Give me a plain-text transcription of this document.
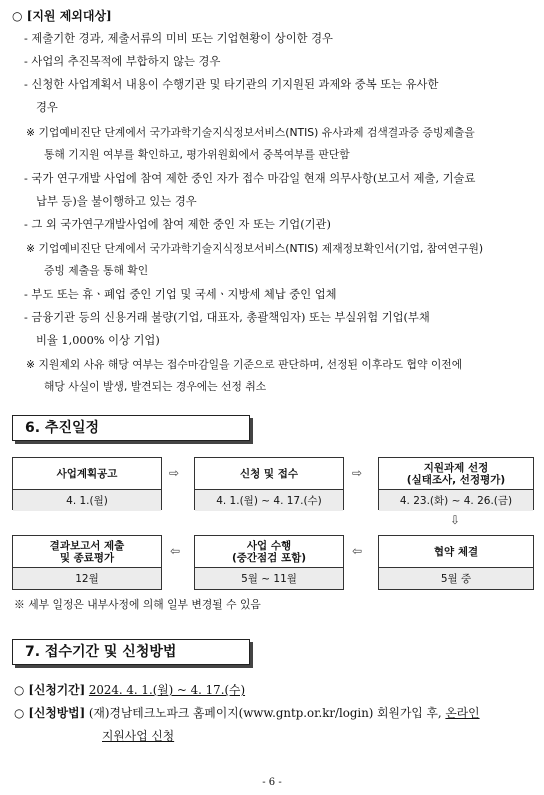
○ [지원 제외대상]
- 제출기한 경과, 제출서류의 미비 또는 기업현황이 상이한 경우
- 사업의 추진목적에 부합하지 않는 경우
- 신청한 사업계획서 내용이 수행기관 및 타기관의 기지원된 과제와 중복 또는 유사한
경우
※ 기업예비진단 단계에서 국가과학기술지식정보서비스(NTIS) 유사과제 검색결과증 증빙제출을
통해 기지원 여부를 확인하고, 평가위원회에서 중복여부를 판단함
- 국가 연구개발 사업에 참여 제한 중인 자가 접수 마감일 현재 의무사항(보고서 제출, 기술료
납부 등)을 불이행하고 있는 경우
- 그 외 국가연구개발사업에 참여 제한 중인 자 또는 기업(기관)
※ 기업예비진단 단계에서 국가과학기술지식정보서비스(NTIS) 제재정보확인서(기업, 참여연구원)
증빙 제출을 통해 확인
- 부도 또는 휴ㆍ폐업 중인 기업 및 국세ㆍ지방세 체납 중인 업체
- 금융기관 등의 신용거래 불량(기업, 대표자, 총괄책임자) 또는 부실위험 기업(부채
비율 1,000% 이상 기업)
※ 지원제외 사유 해당 여부는 접수마감일을 기준으로 판단하며, 선정된 이후라도 협약 이전에
해당 사실이 발생, 발견되는 경우에는 선정 취소
6. 추진일정
사업계획공고
4. 1.(월)
⇨	신청 및 접수
4. 1.(월) ~ 4. 17.(수)
⇨	지원과제 선정
(실태조사, 선정평가)
4. 23.(화) ~ 4. 26.(금)
⇩
결과보고서 제출
및 종료평가
12월
⇦	사업 수행
(중간점검 포함)
5월 ~ 11월
⇦	협약 체결
5월 중
※ 세부 일정은 내부사정에 의해 일부 변경될 수 있음
7. 접수기간 및 신청방법
○ [신청기간] 2024. 4. 1.(월) ~ 4. 17.(수)
○ [신청방법] (재)경남테크노파크 홈페이지(www.gntp.or.kr/login) 회원가입 후, 온라인
지원사업 신청
- 6 -
